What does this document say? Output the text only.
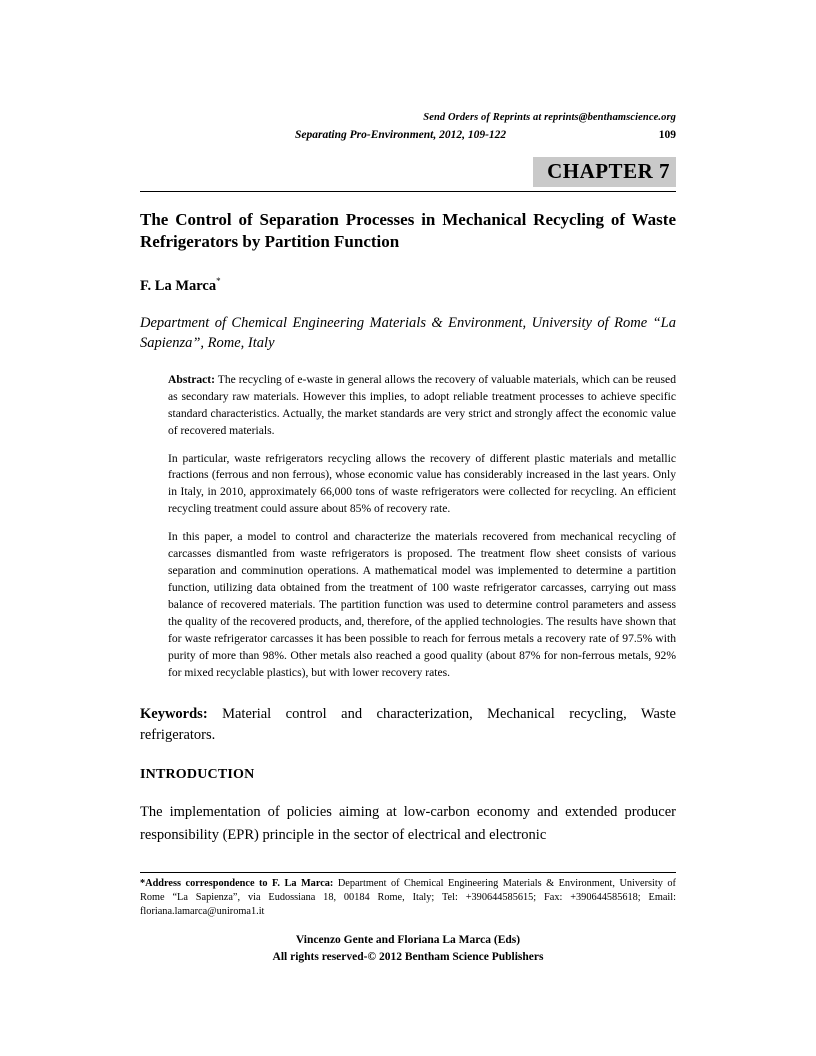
Send Orders of Reprints at reprints@benthamscience.org
Separating Pro-Environment, 2012, 109-122	109
CHAPTER 7
The Control of Separation Processes in Mechanical Recycling of Waste Refrigerators by Partition Function
F. La Marca*
Department of Chemical Engineering Materials & Environment, University of Rome “La Sapienza”, Rome, Italy

Abstract: The recycling of e-waste in general allows the recovery of valuable materials, which can be reused as secondary raw materials. However this implies, to adopt reliable treatment processes to achieve specific standard characteristics. Actually, the market standards are very strict and strongly affect the economic value of recovered materials.

In particular, waste refrigerators recycling allows the recovery of different plastic materials and metallic fractions (ferrous and non ferrous), whose economic value has considerably increased in the last years. Only in Italy, in 2010, approximately 66,000 tons of waste refrigerators were collected for recycling. An efficient recycling treatment could assure about 85% of recovery rate.

In this paper, a model to control and characterize the materials recovered from mechanical recycling of carcasses dismantled from waste refrigerators is proposed. The treatment flow sheet consists of various separation and comminution operations. A mathematical model was implemented to determine a partition function, utilizing data obtained from the treatment of 100 waste refrigerator carcasses, carrying out mass balance of recovered materials. The partition function was used to determine control parameters and assess the quality of the recovered products, and, therefore, of the applied technologies. The results have shown that for waste refrigerator carcasses it has been possible to reach for ferrous metals a recovery rate of 97.5% with purity of more than 98%. Other metals also reached a good quality (about 87% for non-ferrous metals, 92% for mixed recyclable plastics), but with lower recovery rates.

Keywords: Material control and characterization, Mechanical recycling, Waste refrigerators.
INTRODUCTION
The implementation of policies aiming at low-carbon economy and extended producer responsibility (EPR) principle in the sector of electrical and electronic
*Address correspondence to F. La Marca: Department of Chemical Engineering Materials & Environment, University of Rome “La Sapienza”, via Eudossiana 18, 00184 Rome, Italy; Tel: +390644585615; Fax: +390644585618; Email: floriana.lamarca@uniroma1.it
Vincenzo Gente and Floriana La Marca (Eds)
All rights reserved-© 2012 Bentham Science Publishers
